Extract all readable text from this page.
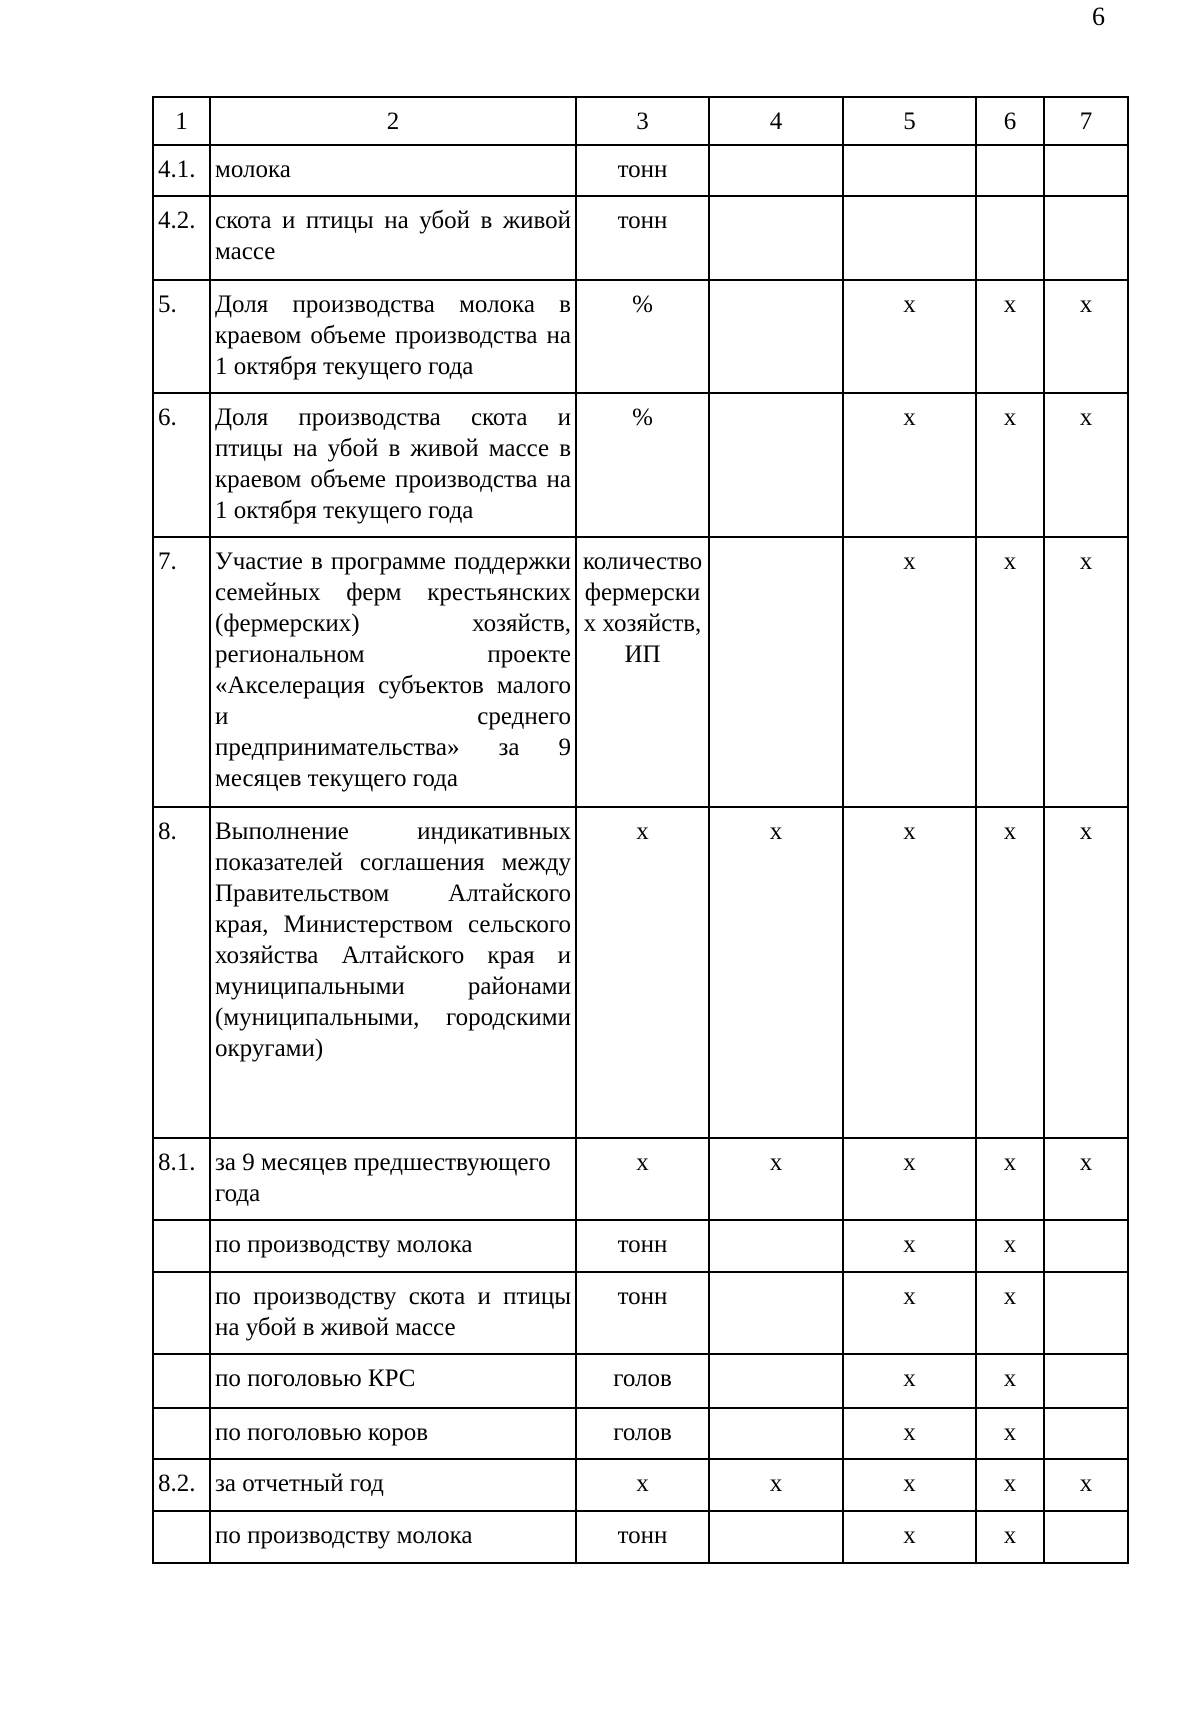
6
1	2	3	4	5	6	7
4.1.	молока	тонн				
4.2.	скота и птицы на убой в живой массе	тонн				
5.	Доля производства молока в краевом объеме производства на 1 октября текущего года	%		х	х	х
6.	Доля производства скота и птицы на убой в живой массе в краевом объеме производства на 1 октября текущего года	%		х	х	х
7.	Участие в программе поддержки семейных ферм крестьянских (фермерских) хозяйств, региональном проекте «Акселерация субъектов малого и среднего предпринимательства» за 9 месяцев текущего года	количество фермерских хозяйств, ИП		х	х	х
8.	Выполнение индикативных показателей соглашения между Правительством Алтайского края, Министерством сельского хозяйства Алтайского края и муниципальными районами (муниципальными, городскими округами)	х	х	х	х	х
8.1.	за 9 месяцев предшествующего года	х	х	х	х	х
	по производству молока	тонн		х	х	
	по производству скота и птицы на убой в живой массе	тонн		х	х	
	по поголовью КРС	голов		х	х	
	по поголовью коров	голов		х	х	
8.2.	за отчетный год	х	х	х	х	х
	по производству молока	тонн		х	х	
